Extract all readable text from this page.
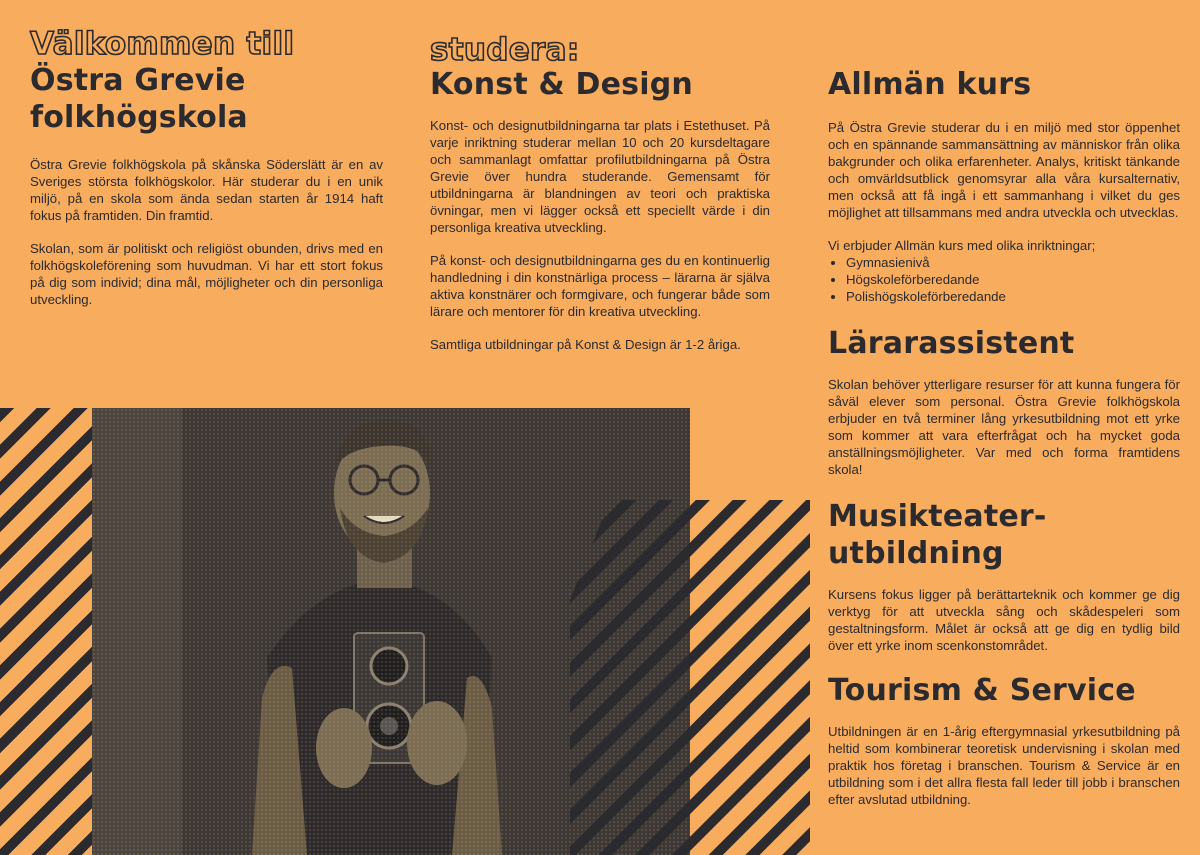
Välkommen till
Östra Grevie folkhögskola

Östra Grevie folkhögskola på skånska Söderslätt är en av Sveriges största folkhögskolor. Här studerar du i en unik miljö, på en skola som ända sedan starten år 1914 haft fokus på framtiden. Din framtid.

Skolan, som är politiskt och religiöst obunden, drivs med en folkhögskoleförening som huvudman. Vi har ett stort fokus på dig som individ; dina mål, möjligheter och din personliga utveckling.

studera:
Konst & Design

Konst- och designutbildningarna tar plats i Estethuset. På varje inriktning studerar mellan 10 och 20 kursdeltagare och sammanlagt omfattar profilutbildningarna på Östra Grevie över hundra studerande. Gemensamt för utbildningarna är blandningen av teori och praktiska övningar, men vi lägger också ett speciellt värde i din personliga kreativa utveckling.

På konst- och designutbildningarna ges du en kontinuerlig handledning i din konstnärliga process – lärarna är själva aktiva konstnärer och formgivare, och fungerar både som lärare och mentorer för din kreativa utveckling.

Samtliga utbildningar på Konst & Design är 1-2 åriga.

Allmän kurs

På Östra Grevie studerar du i en miljö med stor öppenhet och en spännande sammansättning av människor från olika bakgrunder och olika erfarenheter. Analys, kritiskt tänkande och omvärldsutblick genomsyrar alla våra kursalternativ, men också att få ingå i ett sammanhang i vilket du ges möjlighet att tillsammans med andra utveckla och utvecklas.

Vi erbjuder Allmän kurs med olika inriktningar;

• Gymnasienivå
• Högskoleförberedande
• Polishögskoleförberedande
Lärarassistent

Skolan behöver ytterligare resurser för att kunna fungera för såväl elever som personal. Östra Grevie folkhögskola erbjuder en två terminer lång yrkesutbildning mot ett yrke som kommer att vara efterfrågat och ha mycket goda anställningsmöjligheter. Var med och forma framtidens skola!

Musikteater-
utbildning

Kursens fokus ligger på berättarteknik och kommer ge dig verktyg för att utveckla sång och skådespeleri som gestaltningsform. Målet är också att ge dig en tydlig bild över ett yrke inom scenkonstområdet.

Tourism & Service

Utbildningen är en 1-årig eftergymnasial yrkesutbildning på heltid som kombinerar teoretisk undervisning i skolan med praktik hos företag i branschen. Tourism & Service är en utbildning som i det allra flesta fall leder till jobb i branschen efter avslutad utbildning.
